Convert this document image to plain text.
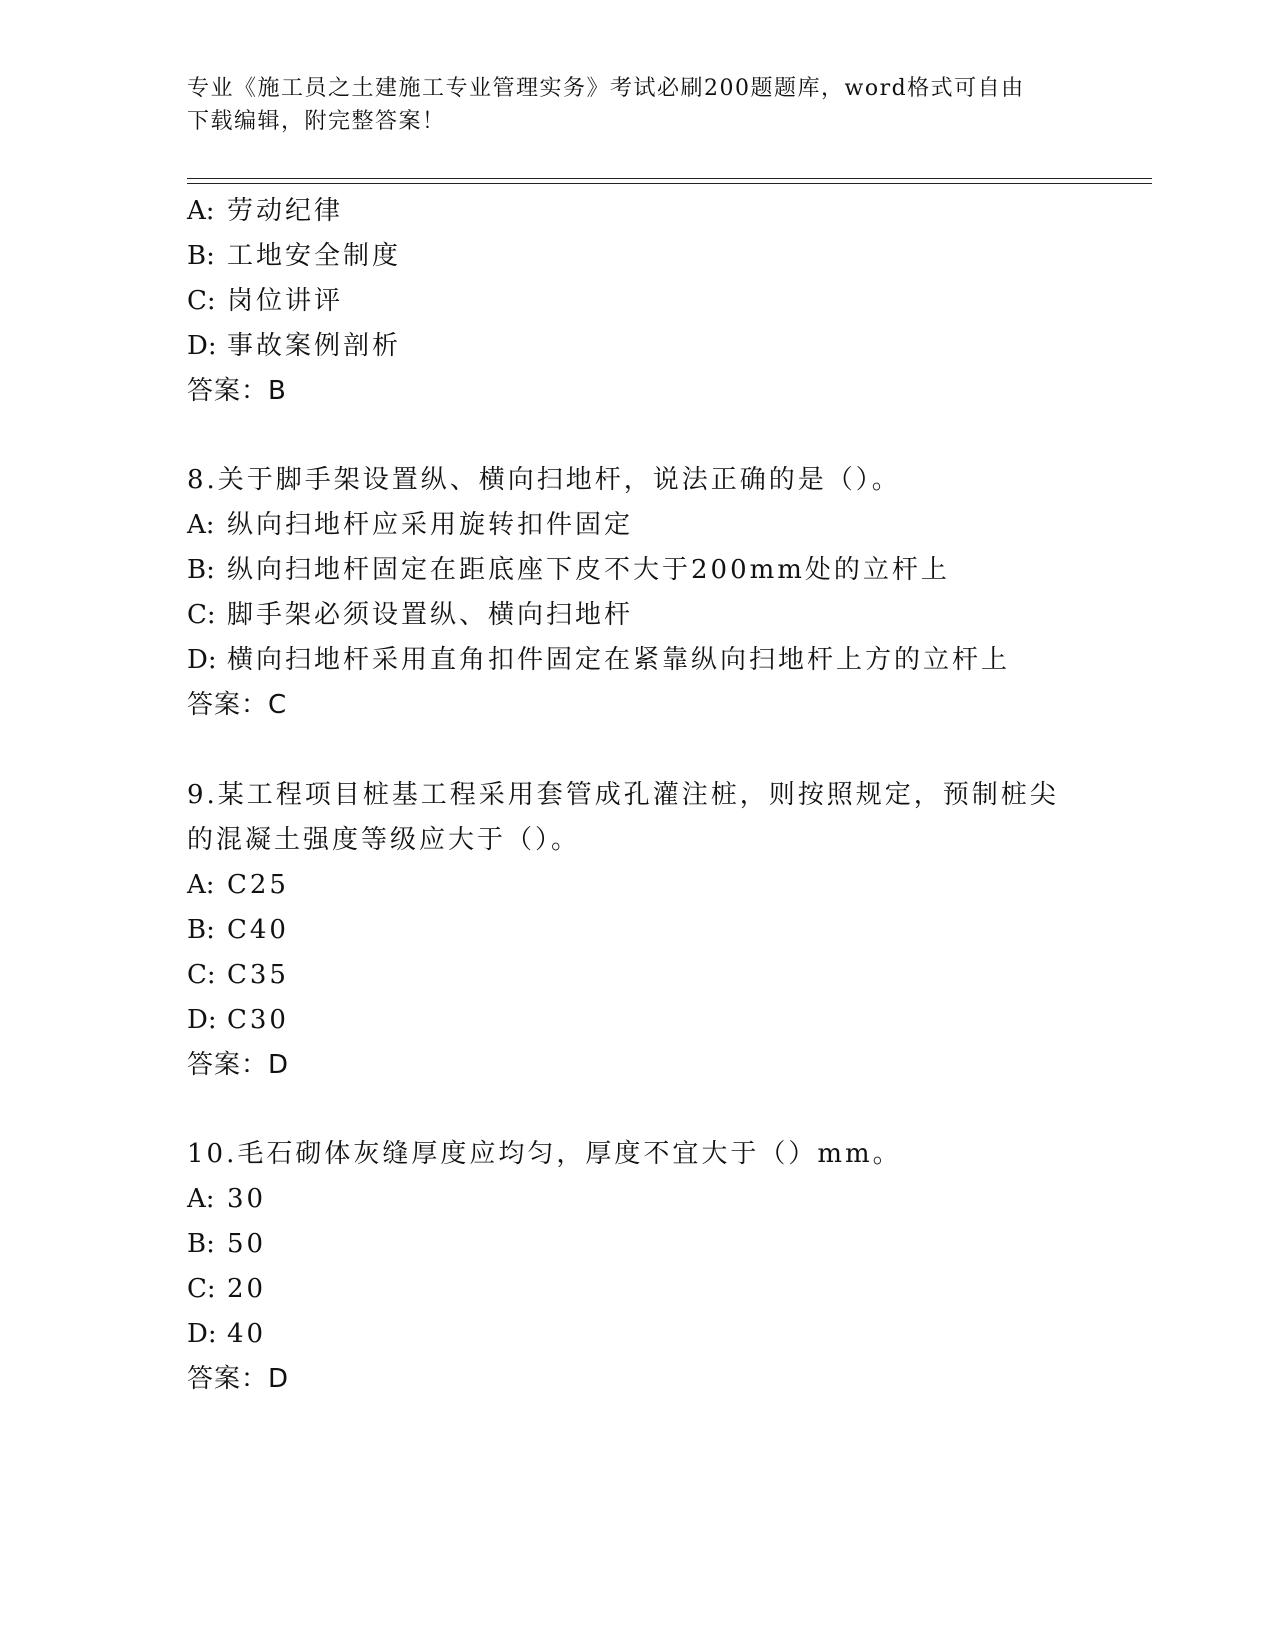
专业《施工员之土建施工专业管理实务》考试必刷200题题库，word格式可自由
下载编辑，附完整答案！
A: 劳动纪律
B: 工地安全制度
C: 岗位讲评
D: 事故案例剖析
答案：B
8.关于脚手架设置纵、横向扫地杆，说法正确的是（）。
A: 纵向扫地杆应采用旋转扣件固定
B: 纵向扫地杆固定在距底座下皮不大于200mm处的立杆上
C: 脚手架必须设置纵、横向扫地杆
D: 横向扫地杆采用直角扣件固定在紧靠纵向扫地杆上方的立杆上
答案：C
9.某工程项目桩基工程采用套管成孔灌注桩，则按照规定，预制桩尖
的混凝土强度等级应大于（）。
A: C25
B: C40
C: C35
D: C30
答案：D
10.毛石砌体灰缝厚度应均匀，厚度不宜大于（）mm。
A: 30
B: 50
C: 20
D: 40
答案：D
